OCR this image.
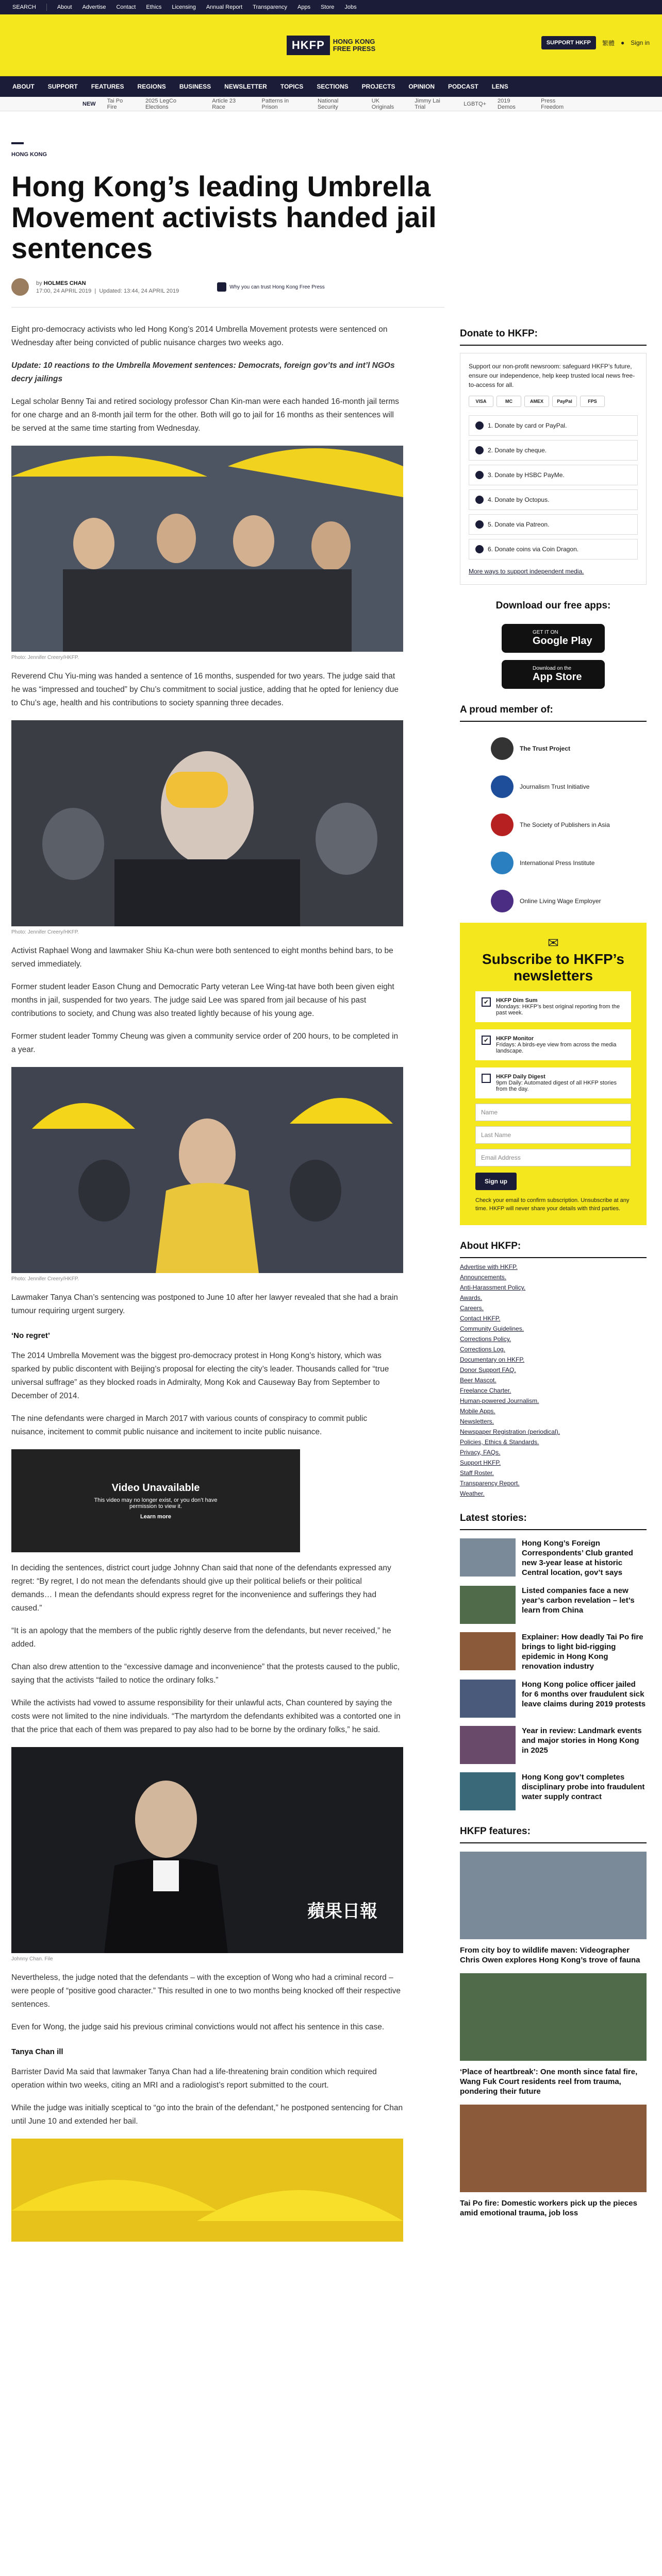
SEARCH	About Advertise Contact Ethics Licensing Annual Report Transparency Apps Store Jobs
HKFP	HONG KONG
FREE PRESS
SUPPORT HKFP	繁體 ● Sign in
ABOUT SUPPORT FEATURES REGIONS BUSINESS NEWSLETTER TOPICS SECTIONS PROJECTS OPINION PODCAST LENS
NEW Tai Po Fire
2025 LegCo Elections
Article 23 Race
Patterns in Prison
National Security
UK Originals
Jimmy Lai Trial	LGBTQ+ 2019 Demos
Press Freedom
HONG KONG
Hong Kong’s leading Umbrella Movement activists handed jail sentences
by HOLMES CHAN
17:00, 24 APRIL 2019  |  Updated: 13:44, 24 APRIL 2019
Why you can trust Hong Kong Free Press

Eight pro-democracy activists who led Hong Kong’s 2014 Umbrella Movement protests were sentenced on Wednesday after being convicted of public nuisance charges two weeks ago.

Update: 10 reactions to the Umbrella Movement sentences: Democrats, foreign gov’ts and int’l NGOs decry jailings

Legal scholar Benny Tai and retired sociology professor Chan Kin-man were each handed 16-month jail terms for one charge and an 8-month jail term for the other. Both will go to jail for 16 months as their sentences will be served at the same time starting from Wednesday.

Photo: Jennifer Creery/HKFP.

Reverend Chu Yiu-ming was handed a sentence of 16 months, suspended for two years. The judge said that he was “impressed and touched” by Chu’s commitment to social justice, adding that he opted for leniency due to Chu’s age, health and his contributions to society spanning three decades.

Photo: Jennifer Creery/HKFP.

Activist Raphael Wong and lawmaker Shiu Ka-chun were both sentenced to eight months behind bars, to be served immediately.

Former student leader Eason Chung and Democratic Party veteran Lee Wing-tat have both been given eight months in jail, suspended for two years. The judge said Lee was spared from jail because of his past contributions to society, and Chung was also treated lightly because of his young age.

Former student leader Tommy Cheung was given a community service order of 200 hours, to be completed in a year.

Photo: Jennifer Creery/HKFP.

Lawmaker Tanya Chan’s sentencing was postponed to June 10 after her lawyer revealed that she had a brain tumour requiring urgent surgery.

‘No regret’

The 2014 Umbrella Movement was the biggest pro-democracy protest in Hong Kong’s history, which was sparked by public discontent with Beijing’s proposal for electing the city’s leader. Thousands called for “true universal suffrage” as they blocked roads in Admiralty, Mong Kok and Causeway Bay from September to December of 2014.

The nine defendants were charged in March 2017 with various counts of conspiracy to commit public nuisance, incitement to commit public nuisance and incitement to incite public nuisance.

Video Unavailable
This video may no longer exist, or you don’t have permission to view it.
Learn more

In deciding the sentences, district court judge Johnny Chan said that none of the defendants expressed any regret: “By regret, I do not mean the defendants should give up their political beliefs or their political demands… I mean the defendants should express regret for the inconvenience and sufferings they had caused.”

“It is an apology that the members of the public rightly deserve from the defendants, but never received,” he added.

Chan also drew attention to the “excessive damage and inconvenience” that the protests caused to the public, saying that the activists “failed to notice the ordinary folks.”

While the activists had vowed to assume responsibility for their unlawful acts, Chan countered by saying the costs were not limited to the nine individuals. “The martyrdom the defendants exhibited was a contorted one in that the price that each of them was prepared to pay also had to be borne by the ordinary folks,” he said.

蘋果日報
Johnny Chan. File

Nevertheless, the judge noted that the defendants – with the exception of Wong who had a criminal record – were people of “positive good character.” This resulted in one to two months being knocked off their respective sentences.

Even for Wong, the judge said his previous criminal convictions would not affect his sentence in this case.

Tanya Chan ill

Barrister David Ma said that lawmaker Tanya Chan had a life-threatening brain condition which required operation within two weeks, citing an MRI and a radiologist’s report submitted to the court.

While the judge was initially sceptical to “go into the brain of the defendant,” he postponed sentencing for Chan until June 10 and extended her bail.

Donate to HKFP:
Support our non-profit newsroom: safeguard HKFP’s future, ensure our independence, help keep trusted local news free-to-access for all.
VISA	MC	AMEX	PayPal	FPS
1. Donate by card or PayPal.
2. Donate by cheque.
3. Donate by HSBC PayMe.
4. Donate by Octopus.
5. Donate via Patreon.
6. Donate coins via Coin Dragon.
More ways to support independent media.
Download our free apps:
GET IT ON
Google Play
Download on the
App Store
A proud member of:
The Trust Project
Journalism Trust Initiative
The Society of Publishers in Asia
International Press Institute
Online Living Wage Employer
✉
Subscribe to HKFP’s newsletters
✔	HKFP Dim Sum
Mondays: HKFP’s best original reporting from the past week.
✔	HKFP Monitor
Fridays: A birds-eye view from across the media landscape.
HKFP Daily Digest
9pm Daily: Automated digest of all HKFP stories from the day.
Name
Last Name
Email Address
Sign up
Check your email to confirm subscription. Unsubscribe at any time. HKFP will never share your details with third parties.
About HKFP:
Advertise with HKFP.
Announcements.
Anti-Harassment Policy.
Awards.
Careers.
Contact HKFP.
Community Guidelines.
Corrections Policy.
Corrections Log.
Documentary on HKFP.
Donor Support FAQ.
Beer Mascot.
Freelance Charter.
Human-powered Journalism.
Mobile Apps.
Newsletters.
Newspaper Registration (periodical).
Policies, Ethics & Standards.
Privacy, FAQs.
Support HKFP.
Staff Roster.
Transparency Report.
Weather.
Latest stories:
Hong Kong’s Foreign Correspondents’ Club granted new 3-year lease at historic Central location, gov’t says
Listed companies face a new year’s carbon revelation – let’s learn from China
Explainer: How deadly Tai Po fire brings to light bid-rigging epidemic in Hong Kong renovation industry
Hong Kong police officer jailed for 6 months over fraudulent sick leave claims during 2019 protests
Year in review: Landmark events and major stories in Hong Kong in 2025
Hong Kong gov’t completes disciplinary probe into fraudulent water supply contract
HKFP features:
From city boy to wildlife maven: Videographer Chris Owen explores Hong Kong’s trove of fauna
‘Place of heartbreak’: One month since fatal fire, Wang Fuk Court residents reel from trauma, pondering their future
Tai Po fire: Domestic workers pick up the pieces amid emotional trauma, job loss
